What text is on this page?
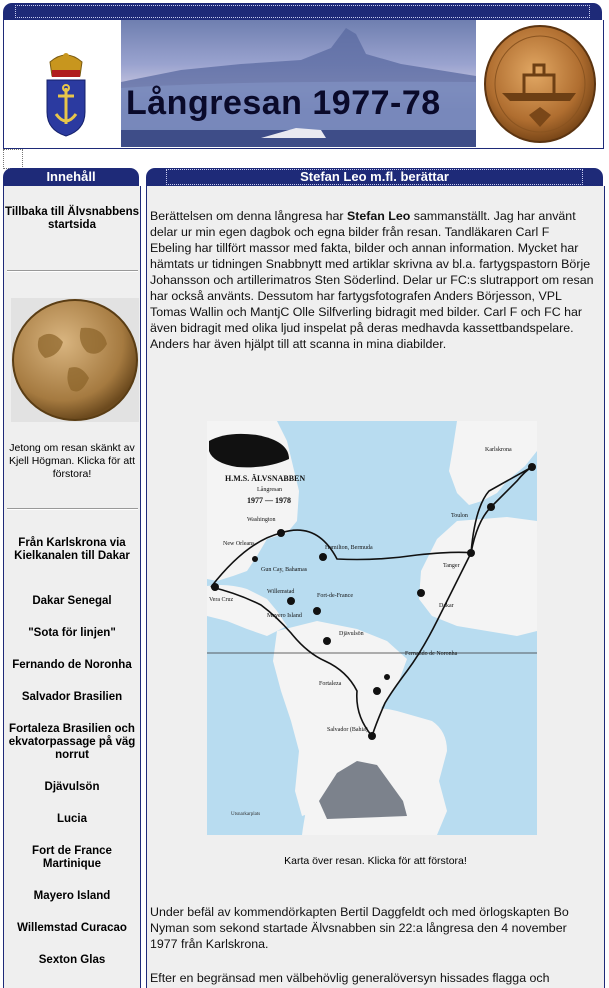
Långresan 1977-78
Innehåll
Tillbaka till Älvsnabbens startsida
Jetong om resan skänkt av Kjell Högman. Klicka för att förstora!
Från Karlskrona via Kielkanalen till Dakar
Dakar Senegal
"Sota för linjen"
Fernando de Noronha
Salvador Brasilien
Fortaleza Brasilien och ekvatorpassage på väg norrut
Djävulsön
Lucia
Fort de France Martinique
Mayero Island
Willemstad Curacao
Sexton Glas
Stefan Leo m.fl. berättar
Berättelsen om denna långresa har Stefan Leo sammanställt. Jag har använt delar ur min egen dagbok och egna bilder från resan. Tandläkaren Carl F Ebeling har tillfört massor med fakta, bilder och annan information. Mycket har hämtats ur tidningen Snabbnytt med artiklar skrivna av bl.a. fartygspastorn Börje Johansson och artillerimatros Sten Söderlind. Delar ur FC:s slutrapport om resan har också använts. Dessutom har fartygsfotografen Anders Börjesson, VPL Tomas Wallin och MantjC Olle Silfverling bidragit med bilder. Carl F och FC har även bidragit med olika ljud inspelat på deras medhavda kassettbandspelare. Anders har även hjälpt till att scanna in mina diabilder.
Karlskrona
Toulon
Tanger
Washington
Hamilton, Bermuda
New Orleans
Gun Cay, Bahamas
Vera Cruz
Willemstad
Mayero Island
Fort-de-France
Djävulsön
Dakar
Fernando de Noronha
Fortaleza
Salvador (Bahia)
H.M.S. ÄLVSNABBEN
Långresan
1977 — 1978
Utsnarkarplats
Karta över resan. Klicka för att förstora!
Under befäl av kommendörkapten Bertil Daggfeldt och med örlogskapten Bo Nyman som sekond startade Älvsnabben sin 22:a långresa den 4 november 1977 från Karlskrona.
Efter en begränsad men välbehövlig generalöversyn hissades flagga och
